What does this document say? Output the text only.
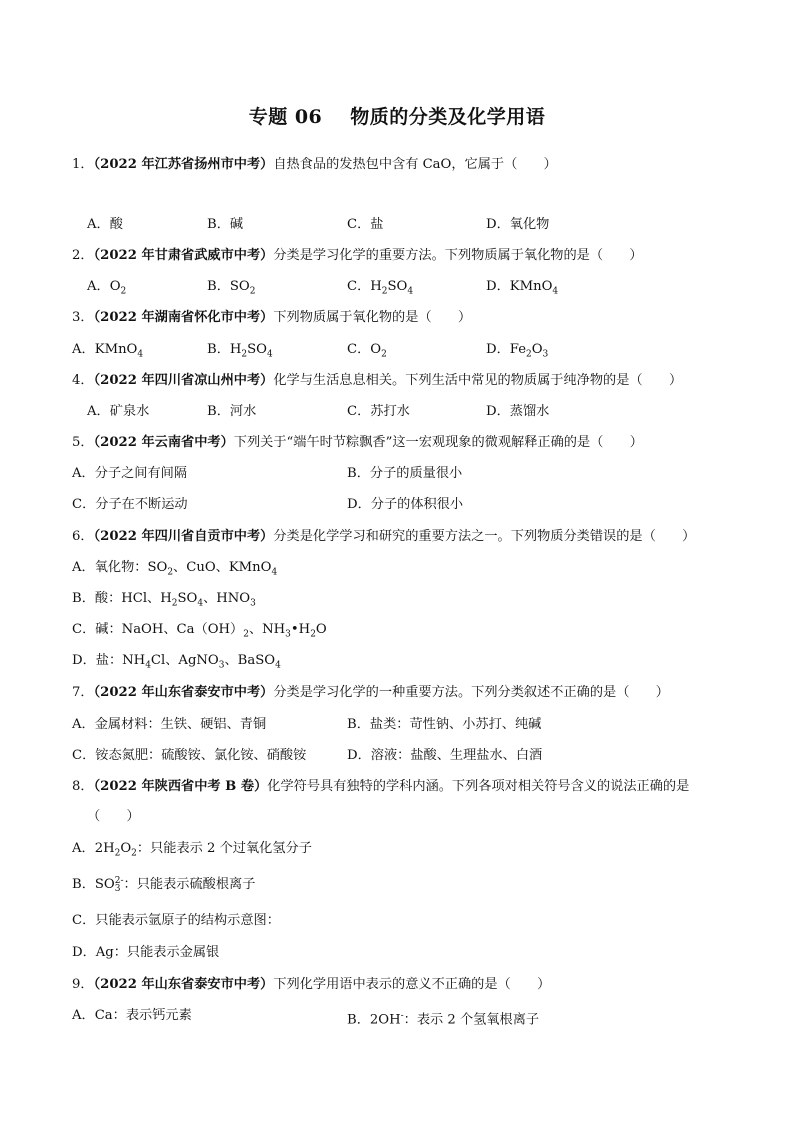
专题 06 物质的分类及化学用语
1．（2022 年江苏省扬州市中考）自热食品的发热包中含有 CaO，它属于（　　）
A．酸	B．碱	C．盐	D．氧化物
2．（2022 年甘肃省武威市中考）分类是学习化学的重要方法。下列物质属于氧化物的是（　　）
A．$O_2$	B．$SO_2$	C．$H_2SO_4$	D．KMnO$_4$
3．（2022 年湖南省怀化市中考）下列物质属于氧化物的是（　　）
A．KMnO$_4$	B．$H_2SO_4$	C．$O_2$	D．$Fe_2O_3$
4．（2022 年四川省凉山州中考）化学与生活息息相关。下列生活中常见的物质属于纯净物的是（　　）
A．矿泉水	B．河水	C．苏打水	D．蒸馏水
5．（2022 年云南省中考）下列关于“端午时节粽飘香”这一宏观现象的微观解释正确的是（　　）
A．分子之间有间隔	B．分子的质量很小
C．分子在不断运动	D．分子的体积很小
6．（2022 年四川省自贡市中考）分类是化学学习和研究的重要方法之一。下列物质分类错误的是（　　）
A．氧化物：$SO_2$、CuO、KMnO$_4$
B．酸：HCl、$H_2SO_4$、$HNO_3$
C．碱：NaOH、$Ca(OH)_2$、$NH_3•H_2O$
D．盐：$NH_4Cl$、AgNO$_3$、BaSO$_4$
7．（2022 年山东省泰安市中考）分类是学习化学的一种重要方法。下列分类叙述不正确的是（　　）
A．金属材料：生铁、硬铝、青铜	B．盐类：苛性钠、小苏打、纯碱
C．铵态氮肥：硫酸铵、氯化铵、硝酸铵	D．溶液：盐酸、生理盐水、白酒
8．（2022 年陕西省中考 B 卷）化学符号具有独特的学科内涵。下列各项对相关符号含义的说法正确的是
（　　）
A．$2H_2O_2$：只能表示 2 个过氧化氢分子
B．SO 2-
3 ：只能表示硫酸根离子
C．只能表示氩原子的结构示意图：
D．Ag：只能表示金属银
9．（2022 年山东省泰安市中考）下列化学用语中表示的意义不正确的是（　　）
A．Ca：表示钙元素	B．2OH-：表示 2 个氢氧根离子
